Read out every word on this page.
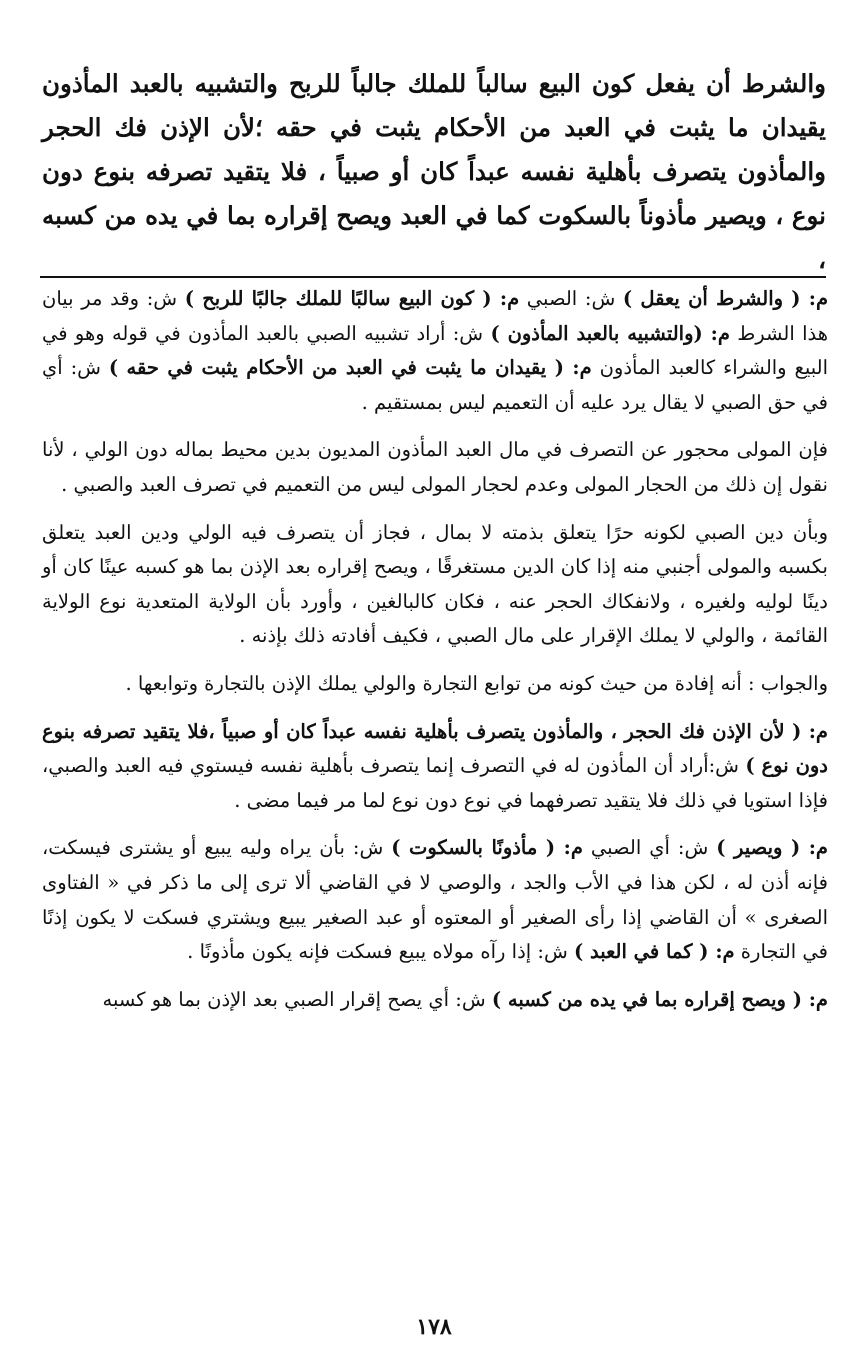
والشرط أن يفعل كون البيع سالباً للملك جالباً للربح والتشبيه بالعبد المأذون يقيدان ما يثبت في العبد من الأحكام يثبت في حقه ؛لأن الإذن فك الحجر والمأذون يتصرف بأهلية نفسه عبداً كان أو صبياً ، فلا يتقيد تصرفه بنوع دون نوع ، ويصير مأذوناً بالسكوت كما في العبد ويصح إقراره بما في يده من كسبه ،

م: ( والشرط أن يعقل ) ش: الصبي م: ( كون البيع سالبًا للملك جالبًا للربح ) ش: وقد مر بيان هذا الشرط م: (والتشبيه بالعبد المأذون ) ش: أراد تشبيه الصبي بالعبد المأذون في قوله وهو في البيع والشراء كالعبد المأذون م: ( يقيدان ما يثبت في العبد من الأحكام يثبت في حقه ) ش: أي في حق الصبي لا يقال يرد عليه أن التعميم ليس بمستقيم .

فإن المولى محجور عن التصرف في مال العبد المأذون المديون بدين محيط بماله دون الولي ، لأنا نقول إن ذلك من الحجار المولى وعدم لحجار المولى ليس من التعميم في تصرف العبد والصبي .

وبأن دين الصبي لكونه حرًا يتعلق بذمته لا بمال ، فجاز أن يتصرف فيه الولي ودين العبد يتعلق بكسبه والمولى أجنبي منه إذا كان الدين مستغرقًا ، ويصح إقراره بعد الإذن بما هو كسبه عينًا كان أو دينًا لوليه ولغيره ، ولانفكاك الحجر عنه ، فكان كالبالغين ، وأورد بأن الولاية المتعدية نوع الولاية القائمة ، والولي لا يملك الإقرار على مال الصبي ، فكيف أفادته ذلك بإذنه .

والجواب : أنه إفادة من حيث كونه من توابع التجارة والولي يملك الإذن بالتجارة وتوابعها .

م: ( لأن الإذن فك الحجر ، والمأذون يتصرف بأهلية نفسه عبداً كان أو صبياً ،فلا يتقيد تصرفه بنوع دون نوع ) ش:أراد أن المأذون له في التصرف إنما يتصرف بأهلية نفسه فيستوي فيه العبد والصبي، فإذا استويا في ذلك فلا يتقيد تصرفهما في نوع دون نوع لما مر فيما مضى .

م: ( ويصير ) ش: أي الصبي م: ( مأذونًا بالسكوت ) ش: بأن يراه وليه يبيع أو يشترى فيسكت، فإنه أذن له ، لكن هذا في الأب والجد ، والوصي لا في القاضي ألا ترى إلى ما ذكر في « الفتاوى الصغرى » أن القاضي إذا رأى الصغير أو المعتوه أو عبد الصغير يبيع ويشتري فسكت لا يكون إذنًا في التجارة م: ( كما في العبد ) ش: إذا رآه مولاه يبيع فسكت فإنه يكون مأذونًا .

م: ( ويصح إقراره بما في يده من كسبه ) ش: أي يصح إقرار الصبي بعد الإذن بما هو كسبه

١٧٨
